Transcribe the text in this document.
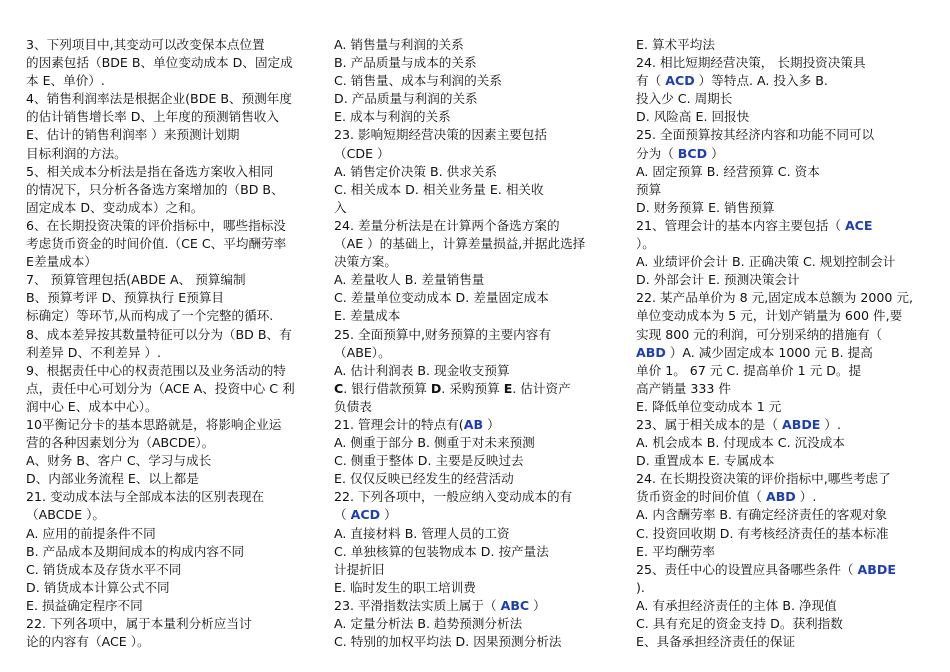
3、下列项目中,其变动可以改变保本点位置
的因素包括（BDE B、单位变动成本 D、固定成
本 E、单价）.
4、销售利润率法是根据企业(BDE B、预测年度
的估计销售增长率 D、上年度的预测销售收入
E、估计的销售利润率 ）来预测计划期
目标利润的方法。
5、相关成本分析法是指在备选方案收入相同
的情况下，只分析各备选方案增加的（BD B、
固定成本 D、变动成本）之和。
6、在长期投资决策的评价指标中，哪些指标没
考虑货币资金的时间价值.（CE C、平均酬劳率
E差量成本）
7、 预算管理包括(ABDE A、 预算编制
B、预算考评 D、预算执行 E预算目
标确定）等环节,从而构成了一个完整的循环.
8、成本差异按其数量特征可以分为（BD B、有
利差异 D、不利差异 ）.
9、根据责任中心的权责范围以及业务活动的特
点，责任中心可划分为（ACE A、投资中心 C 利
润中心 E、成本中心）。
10平衡记分卡的基本思路就是，将影响企业运
营的各种因素划分为（ABCDE）。
A、财务 B、客户 C、学习与成长
D、内部业务流程 E、以上都是
21. 变动成本法与全部成本法的区别表现在
（ABCDE ）。
A. 应用的前提条件不同
B. 产品成本及期间成本的构成内容不同
C. 销货成本及存货水平不同
D. 销货成本计算公式不同
E. 损益确定程序不同
22. 下列各项中，属于本量利分析应当讨
论的内容有（ACE ）。
A. 销售量与利润的关系
B. 产品质量与成本的关系
C. 销售量、成本与利润的关系
D. 产品质量与利润的关系
E. 成本与利润的关系
23. 影响短期经营决策的因素主要包括
（CDE ）
A. 销售定价决策 B. 供求关系
C. 相关成本 D. 相关业务量 E. 相关收
入
24. 差量分析法是在计算两个备选方案的
（AE ）的基础上，计算差量损益,并据此选择
决策方案。
A. 差量收人 B. 差量销售量
C. 差量单位变动成本 D. 差量固定成本
E. 差量成本
25. 全面预算中,财务预算的主要内容有
（ABE）。
A. 估计利润表 B. 现金收支预算
C. 银行借款预算 D. 采购预算 E. 估计资产
负债表
21. 管理会计的特点有(AB ）
A. 侧重于部分 B. 侧重于对未来预测
C. 侧重于整体 D. 主要是反映过去
E. 仅仅反映已经发生的经营活动
22. 下列各项中，一般应纳入变动成本的有
（ ACD ）
A. 直接材料 B. 管理人员的工资
C. 单独核算的包装物成本 D. 按产量法
计提折旧
E. 临时发生的职工培训费
23. 平滑指数法实质上属于（ ABC ）
A. 定量分析法 B. 趋势预测分析法
C. 特别的加权平均法 D. 因果预测分析法
E. 算术平均法
24. 相比短期经营决策， 长期投资决策具
有（ ACD ）等特点. A. 投入多 B.
投入少 C. 周期长
D. 风险高 E. 回报快
25. 全面预算按其经济内容和功能不同可以
分为（ BCD ）
A. 固定预算 B. 经营预算 C. 资本
预算
D. 财务预算 E. 销售预算
21、管理会计的基本内容主要包括（ ACE
）。
A. 业绩评价会计 B. 正确决策 C. 规划控制会计
D. 外部会计 E. 预测决策会计
22. 某产品单价为 8 元,固定成本总额为 2000 元,
单位变动成本为 5 元，计划产销量为 600 件,要
实现 800 元的利润，可分别采纳的措施有（
ABD ）A. 减少固定成本 1000 元 B. 提高
单价 1。 67 元 C. 提高单价 1 元 D。提
高产销量 333 件
E. 降低单位变动成本 1 元
23、属于相关成本的是（ ABDE ）.
A. 机会成本 B. 付现成本 C. 沉没成本
D. 重置成本 E. 专属成本
24. 在长期投资决策的评价指标中,哪些考虑了
货币资金的时间价值（ ABD ）.
A. 内含酬劳率 B. 有确定经济责任的客观对象
C. 投资回收期 D. 有考核经济责任的基本标准
E. 平均酬劳率
25、责任中心的设置应具备哪些条件（ ABDE
).
A. 有承担经济责任的主体 B. 净现值
C. 具有充足的资金支持 D。获利指数
E、具备承担经济责任的保证
